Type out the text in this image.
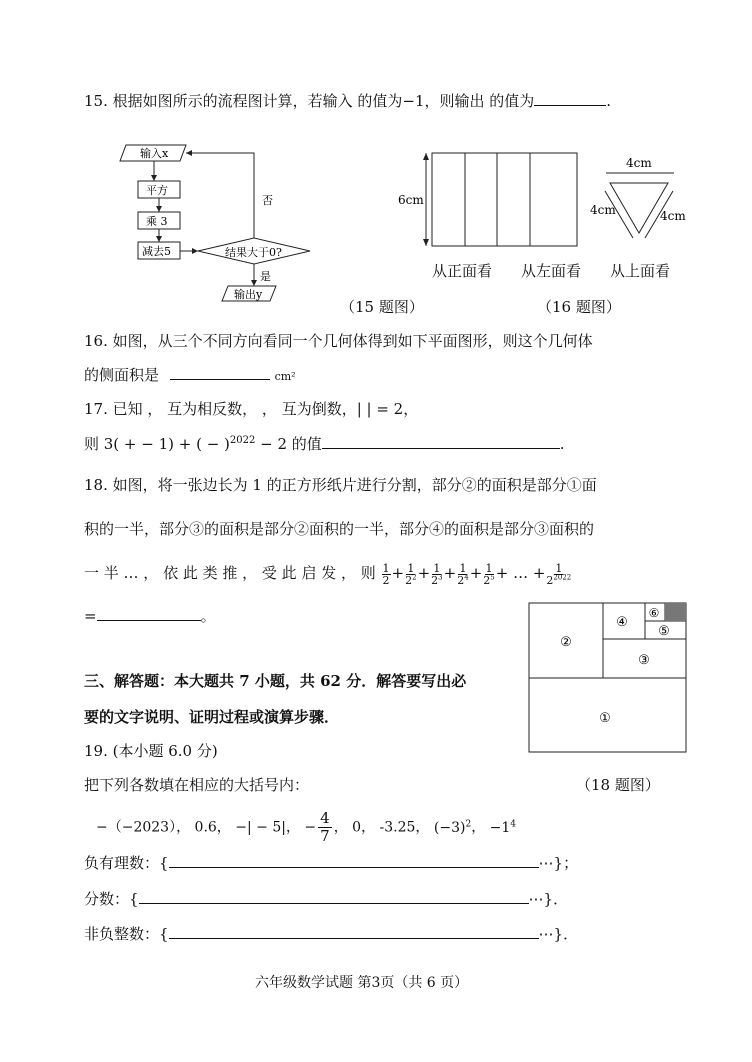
15. 根据如图所示的流程图计算，若输入 的值为−1，则输出 的值为	.
输入x
平方
乘 3
减去5	结果大于0?
否
是
输出y
（15 题图）
6cm
4cm
4cm	4cm
从正面看 从左面看 从上面看
（16 题图）
16. 如图，从三个不同方向看同一个几何体得到如下平面图形，则这个几何体
的侧面积是	cm²
17. 已知 ， 互为相反数， ， 互为倒数，| | = 2，
则 3( + − 1) + ( − )$^{2022}$ − 2 的值	.
18. 如图，将一张边长为 1 的正方形纸片进行分割，部分②的面积是部分①面
积的一半，部分③的面积是部分②面积的一半，部分④的面积是部分③面积的
一 半 … ， 依 此 类 推 ， 受 此 启 发 ， 则 $\frac{1}{2} + \frac{1}{2^2} + \frac{1}{2^3} + \frac{1}{2^4} + \frac{1}{2^5}$ + … + $\frac{1}{2^{2022}}$
=	。
①
②
③
④
⑤
⑥
三、解答题：本大题共 7 小题，共 62 分．解答要写出必
要的文字说明、证明过程或演算步骤．
19. (本小题 6.0 分)
把下列各数填在相应的大括号内：	（18 题图）
−（−2023）， 0.6， −| − 5|， − $\frac{4}{7}$ ， 0， -3.25， $(-3)^2$， $-1^4$
负有理数：{	⋯}；
分数：{	⋯}．
非负整数：{	⋯}．
六年级数学试题 第3页（共 6 页）
